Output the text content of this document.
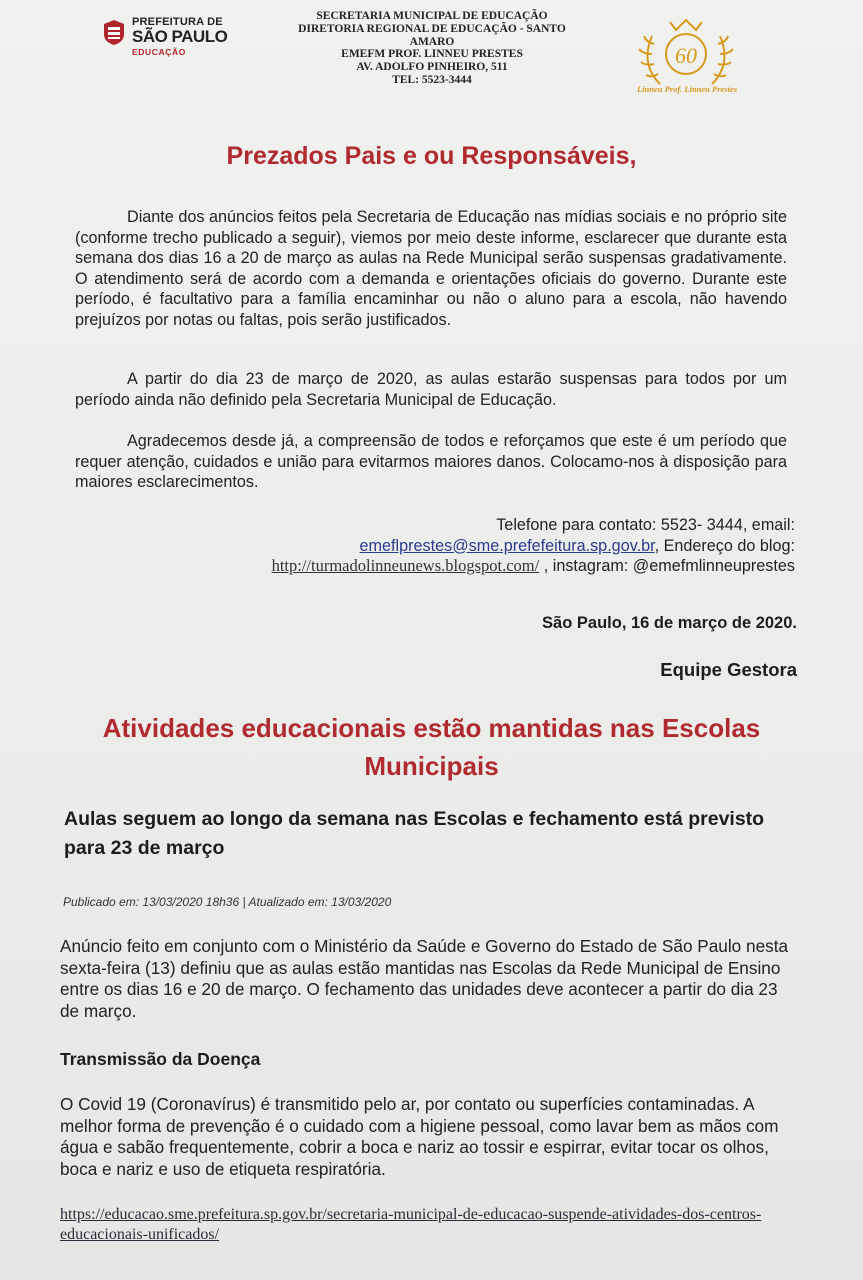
PREFEITURA DE
SÃO PAULO
EDUCAÇÃO
SECRETARIA MUNICIPAL DE EDUCAÇÃO
DIRETORIA REGIONAL DE EDUCAÇÃO - SANTO
AMARO
EMEFM PROF. LINNEU PRESTES
AV. ADOLFO PINHEIRO, 511
TEL: 5523-3444
60
Linneu Prof. Linneu Prestes
Prezados Pais e ou Responsáveis,
Diante dos anúncios feitos pela Secretaria de Educação nas mídias sociais e no próprio site (conforme trecho publicado a seguir), viemos por meio deste informe, esclarecer que durante esta semana dos dias 16 a 20 de março as aulas na Rede Municipal serão suspensas gradativamente. O atendimento será de acordo com a demanda e orientações oficiais do governo. Durante este período, é facultativo para a família encaminhar ou não o aluno para a escola, não havendo prejuízos por notas ou faltas, pois serão justificados.
A partir do dia 23 de março de 2020, as aulas estarão suspensas para todos por um período ainda não definido pela Secretaria Municipal de Educação.
Agradecemos desde já, a compreensão de todos e reforçamos que este é um período que requer atenção, cuidados e união para evitarmos maiores danos. Colocamo-nos à disposição para maiores esclarecimentos.
Telefone para contato: 5523- 3444, email:
emeflprestes@sme.prefefeitura.sp.gov.br, Endereço do blog:
http://turmadolinneunews.blogspot.com/ , instagram: @emefmlinneuprestes
São Paulo, 16 de março de 2020.
Equipe Gestora
Atividades educacionais estão mantidas nas Escolas Municipais
Aulas seguem ao longo da semana nas Escolas e fechamento está previsto para 23 de março
Publicado em: 13/03/2020 18h36 | Atualizado em: 13/03/2020
Anúncio feito em conjunto com o Ministério da Saúde e Governo do Estado de São Paulo nesta sexta-feira (13) definiu que as aulas estão mantidas nas Escolas da Rede Municipal de Ensino entre os dias 16 e 20 de março. O fechamento das unidades deve acontecer a partir do dia 23 de março.
Transmissão da Doença
O Covid 19 (Coronavírus) é transmitido pelo ar, por contato ou superfícies contaminadas. A melhor forma de prevenção é o cuidado com a higiene pessoal, como lavar bem as mãos com água e sabão frequentemente, cobrir a boca e nariz ao tossir e espirrar, evitar tocar os olhos, boca e nariz e uso de etiqueta respiratória.
https://educacao.sme.prefeitura.sp.gov.br/secretaria-municipal-de-educacao-suspende-atividades-dos-centros-educacionais-unificados/
